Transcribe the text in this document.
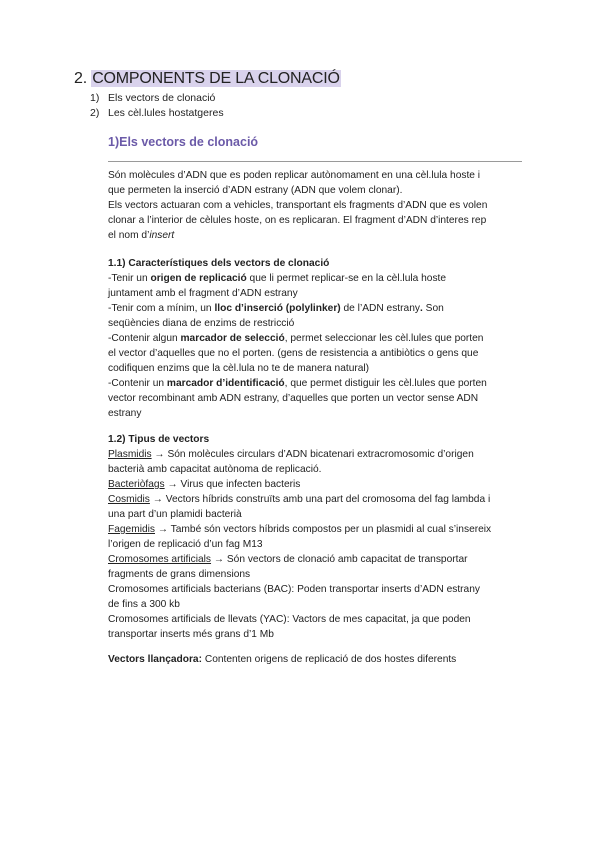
2. COMPONENTS DE LA CLONACIÓ
1) Els vectors de clonació
2) Les cèl.lules hostatgeres
1)Els vectors de clonació
Són molècules d’ADN que es poden replicar autònomament en una cèl.lula hoste i
que permeten la inserció d’ADN estrany (ADN que volem clonar).
Els vectors actuaran com a vehicles, transportant els fragments d’ADN que es volen
clonar a l’interior de cèlules hoste, on es replicaran. El fragment d’ADN d’interes rep
el nom d’insert
1.1) Característiques dels vectors de clonació
-Tenir un origen de replicació que li permet replicar-se en la cèl.lula hoste
juntament amb el fragment d’ADN estrany
-Tenir com a mínim, un lloc d’inserció (polylinker) de l’ADN estrany. Son
seqüències diana de enzims de restricció
-Contenir algun marcador de selecció, permet seleccionar les cèl.lules que porten
el vector d’aquelles que no el porten. (gens de resistencia a antibiòtics o gens que
codifiquen enzims que la cèl.lula no te de manera natural)
-Contenir un marcador d’identificació, que permet distiguir les cèl.lules que porten
vector recombinant amb ADN estrany, d’aquelles que porten un vector sense ADN
estrany
1.2) Tipus de vectors
Plasmidis → Són molècules circulars d’ADN bicatenari extracromosomic d’origen
bacterià amb capacitat autònoma de replicació.
Bacteriòfags → Virus que infecten bacteris
Cosmidis → Vectors híbrids construïts amb una part del cromosoma del fag lambda i
una part d’un plamidi bacterià
Fagemidis → També són vectors híbrids compostos per un plasmidi al cual s’insereix
l’origen de replicació d’un fag M13
Cromosomes artificials → Són vectors de clonació amb capacitat de transportar
fragments de grans dimensions
Cromosomes artificials bacterians (BAC): Poden transportar inserts d’ADN estrany
de fins a 300 kb
Cromosomes artificials de llevats (YAC): Vactors de mes capacitat, ja que poden
transportar inserts més grans d’1 Mb
Vectors llançadora: Contenten origens de replicació de dos hostes diferents
